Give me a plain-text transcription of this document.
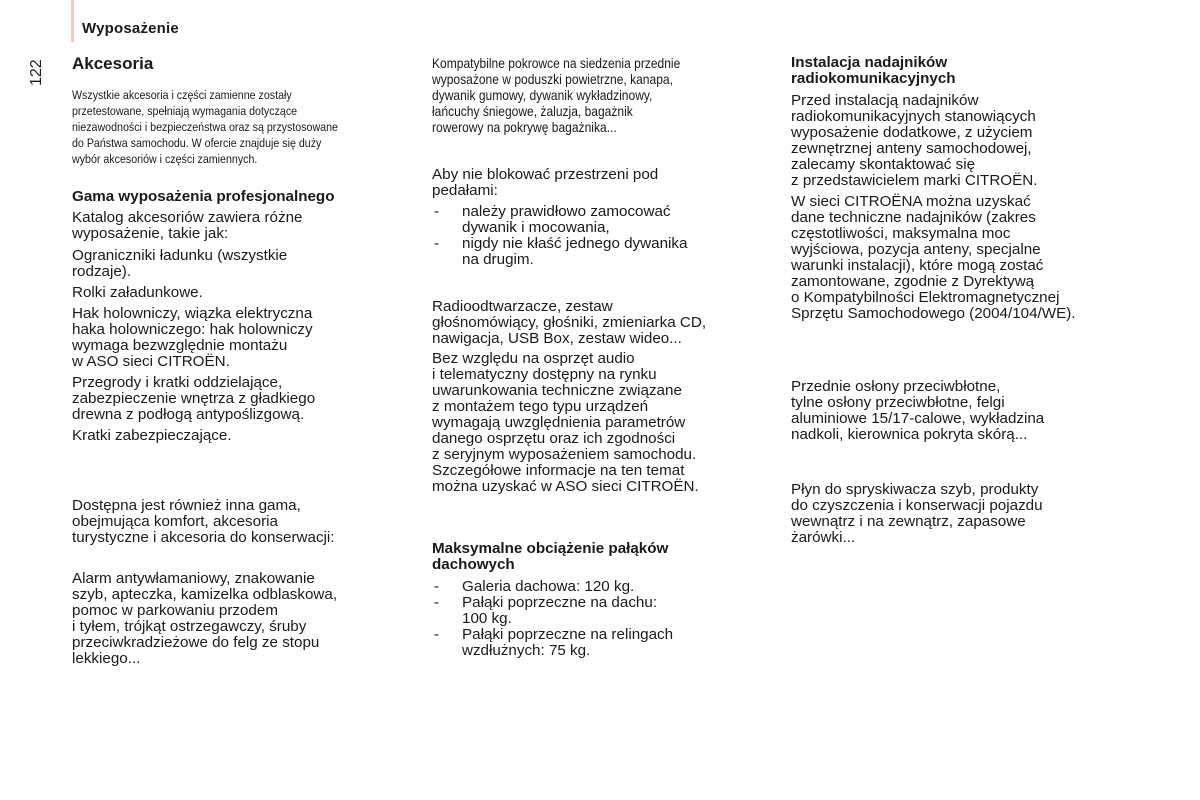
Wyposażenie
122 Akcesoria

Wszystkie akcesoria i części zamienne zostały
przetestowane, spełniają wymagania dotyczące
niezawodności i bezpieczeństwa oraz są przystosowane
do Państwa samochodu. W ofercie znajduje się duży
wybór akcesoriów i części zamiennych.

Gama wyposażenia profesjonalnego

Katalog akcesoriów zawiera różne
wyposażenie, takie jak:

Ograniczniki ładunku (wszystkie
rodzaje).

Rolki załadunkowe.

Hak holowniczy, wiązka elektryczna
haka holowniczego: hak holowniczy
wymaga bezwzględnie montażu
w ASO sieci CITROËN.

Przegrody i kratki oddzielające,
zabezpieczenie wnętrza z gładkiego
drewna z podłogą antypoślizgową.

Kratki zabezpieczające.

Dostępna jest również inna gama,
obejmująca komfort, akcesoria
turystyczne i akcesoria do konserwacji:

Alarm antywłamaniowy, znakowanie
szyb, apteczka, kamizelka odblaskowa,
pomoc w parkowaniu przodem
i tyłem, trójkąt ostrzegawczy, śruby
przeciwkradzieżowe do felg ze stopu
lekkiego...

Kompatybilne pokrowce na siedzenia przednie
wyposażone w poduszki powietrzne, kanapa,
dywanik gumowy, dywanik wykładzinowy,
łańcuchy śniegowe, żaluzja, bagażnik
rowerowy na pokrywę bagażnika...

Aby nie blokować przestrzeni pod
pedałami:

- należy prawidłowo zamocować
dywanik i mocowania,
- nigdy nie kłaść jednego dywanika
na drugim.

Radioodtwarzacze, zestaw
głośnomówiący, głośniki, zmieniarka CD,
nawigacja, USB Box, zestaw wideo...

Bez względu na osprzęt audio
i telematyczny dostępny na rynku
uwarunkowania techniczne związane
z montażem tego typu urządzeń
wymagają uwzględnienia parametrów
danego osprzętu oraz ich zgodności
z seryjnym wyposażeniem samochodu.
Szczegółowe informacje na ten temat
można uzyskać w ASO sieci CITROËN.

Maksymalne obciążenie pałąków
dachowych
- Galeria dachowa: 120 kg.
- Pałąki poprzeczne na dachu:
100 kg.
- Pałąki poprzeczne na relingach
wzdłużnych: 75 kg.
Instalacja nadajników
radiokomunikacyjnych

Przed instalacją nadajników
radiokomunikacyjnych stanowiących
wyposażenie dodatkowe, z użyciem
zewnętrznej anteny samochodowej,
zalecamy skontaktować się
z przedstawicielem marki CITROËN.

W sieci CITROËNA można uzyskać
dane techniczne nadajników (zakres
częstotliwości, maksymalna moc
wyjściowa, pozycja anteny, specjalne
warunki instalacji), które mogą zostać
zamontowane, zgodnie z Dyrektywą
o Kompatybilności Elektromagnetycznej
Sprzętu Samochodowego (2004/104/WE).

Przednie osłony przeciwbłotne,
tylne osłony przeciwbłotne, felgi
aluminiowe 15/17-calowe, wykładzina
nadkoli, kierownica pokryta skórą...

Płyn do spryskiwacza szyb, produkty
do czyszczenia i konserwacji pojazdu
wewnątrz i na zewnątrz, zapasowe
żarówki...
